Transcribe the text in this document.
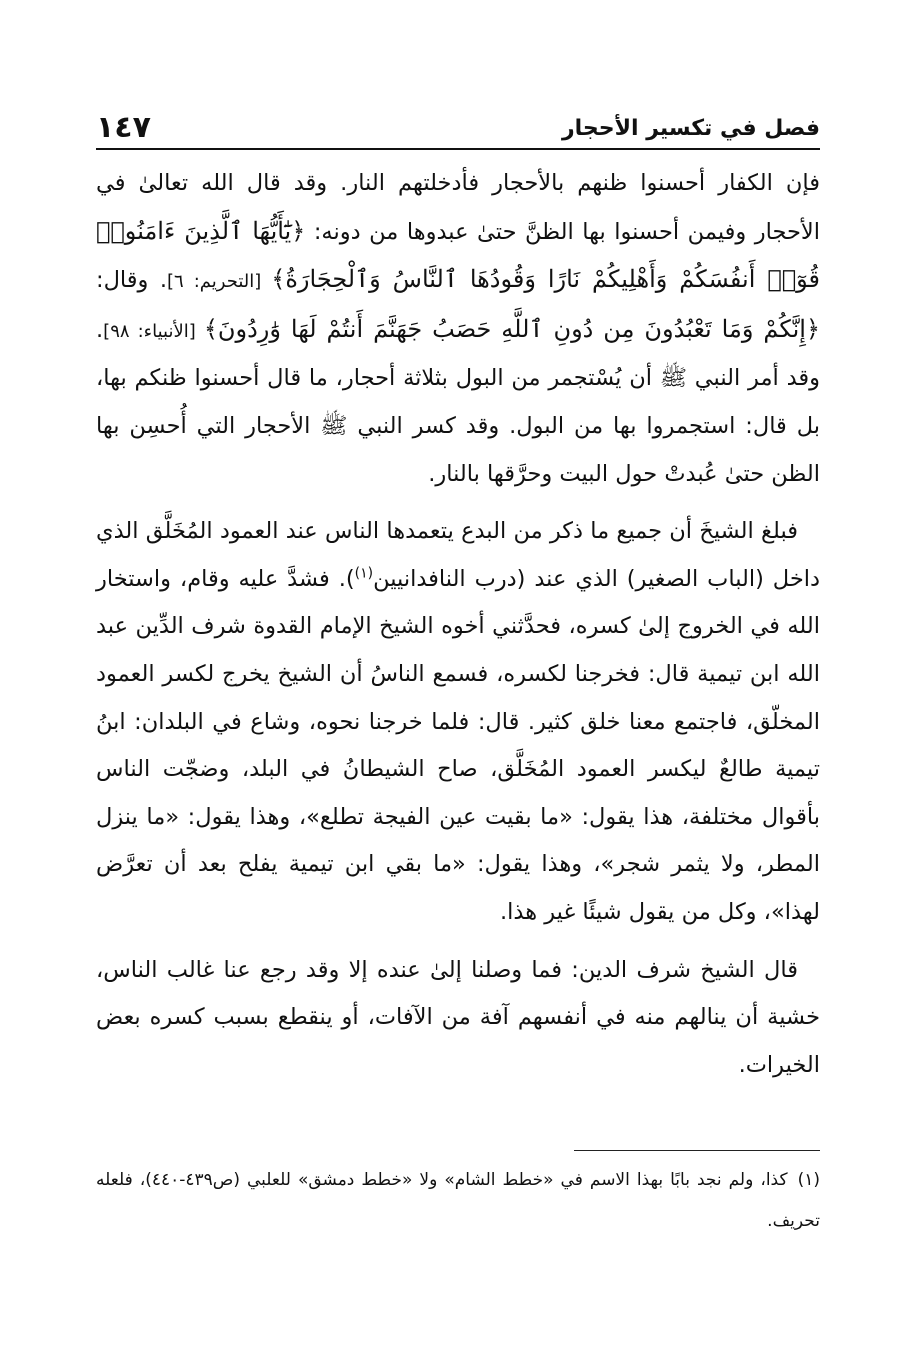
فصل في تكسير الأحجار
١٤٧

فإن الكفار أحسنوا ظنهم بالأحجار فأدخلتهم النار. وقد قال الله تعالىٰ في الأحجار وفيمن أحسنوا بها الظنَّ حتىٰ عبدوها من دونه: ﴿يَٰٓأَيُّهَا ٱلَّذِينَ ءَامَنُوا۟ قُوٓا۟ أَنفُسَكُمْ وَأَهْلِيكُمْ نَارًا وَقُودُهَا ٱلنَّاسُ وَٱلْحِجَارَةُ﴾ [التحريم: ٦]. وقال: ﴿إِنَّكُمْ وَمَا تَعْبُدُونَ مِن دُونِ ٱللَّهِ حَصَبُ جَهَنَّمَ أَنتُمْ لَهَا وَٰرِدُونَ﴾ [الأنبياء: ٩٨]. وقد أمر النبي ﷺ أن يُسْتجمر من البول بثلاثة أحجار، ما قال أحسنوا ظنكم بها، بل قال: استجمروا بها من البول. وقد كسر النبي ﷺ الأحجار التي أُحسِن بها الظن حتىٰ عُبدتْ حول البيت وحرَّقها بالنار.

فبلغ الشيخَ أن جميع ما ذكر من البدع يتعمدها الناس عند العمود المُخَلَّق الذي داخل (الباب الصغير) الذي عند (درب النافدانيين$^{(١)}$). فشدَّ عليه وقام، واستخار الله في الخروج إلىٰ كسره، فحدَّثني أخوه الشيخ الإمام القدوة شرف الدِّين عبد الله ابن تيمية قال: فخرجنا لكسره، فسمع الناسُ أن الشيخ يخرج لكسر العمود المخلّق، فاجتمع معنا خلق كثير. قال: فلما خرجنا نحوه، وشاع في البلدان: ابنُ تيمية طالعٌ ليكسر العمود المُخَلَّق، صاح الشيطانُ في البلد، وضجّت الناس بأقوال مختلفة، هذا يقول: «ما بقيت عين الفيجة تطلع»، وهذا يقول: «ما ينزل المطر، ولا يثمر شجر»، وهذا يقول: «ما بقي ابن تيمية يفلح بعد أن تعرَّض لهذا»، وكل من يقول شيئًا غير هذا.

قال الشيخ شرف الدين: فما وصلنا إلىٰ عنده إلا وقد رجع عنا غالب الناس، خشية أن ينالهم منه في أنفسهم آفة من الآفات، أو ينقطع بسبب كسره بعض الخيرات.

(١)كذا، ولم نجد بابًا بهذا الاسم في «خطط الشام» ولا «خطط دمشق» للعلبي (ص٤٣٩-٤٤٠)، فلعله تحريف.
